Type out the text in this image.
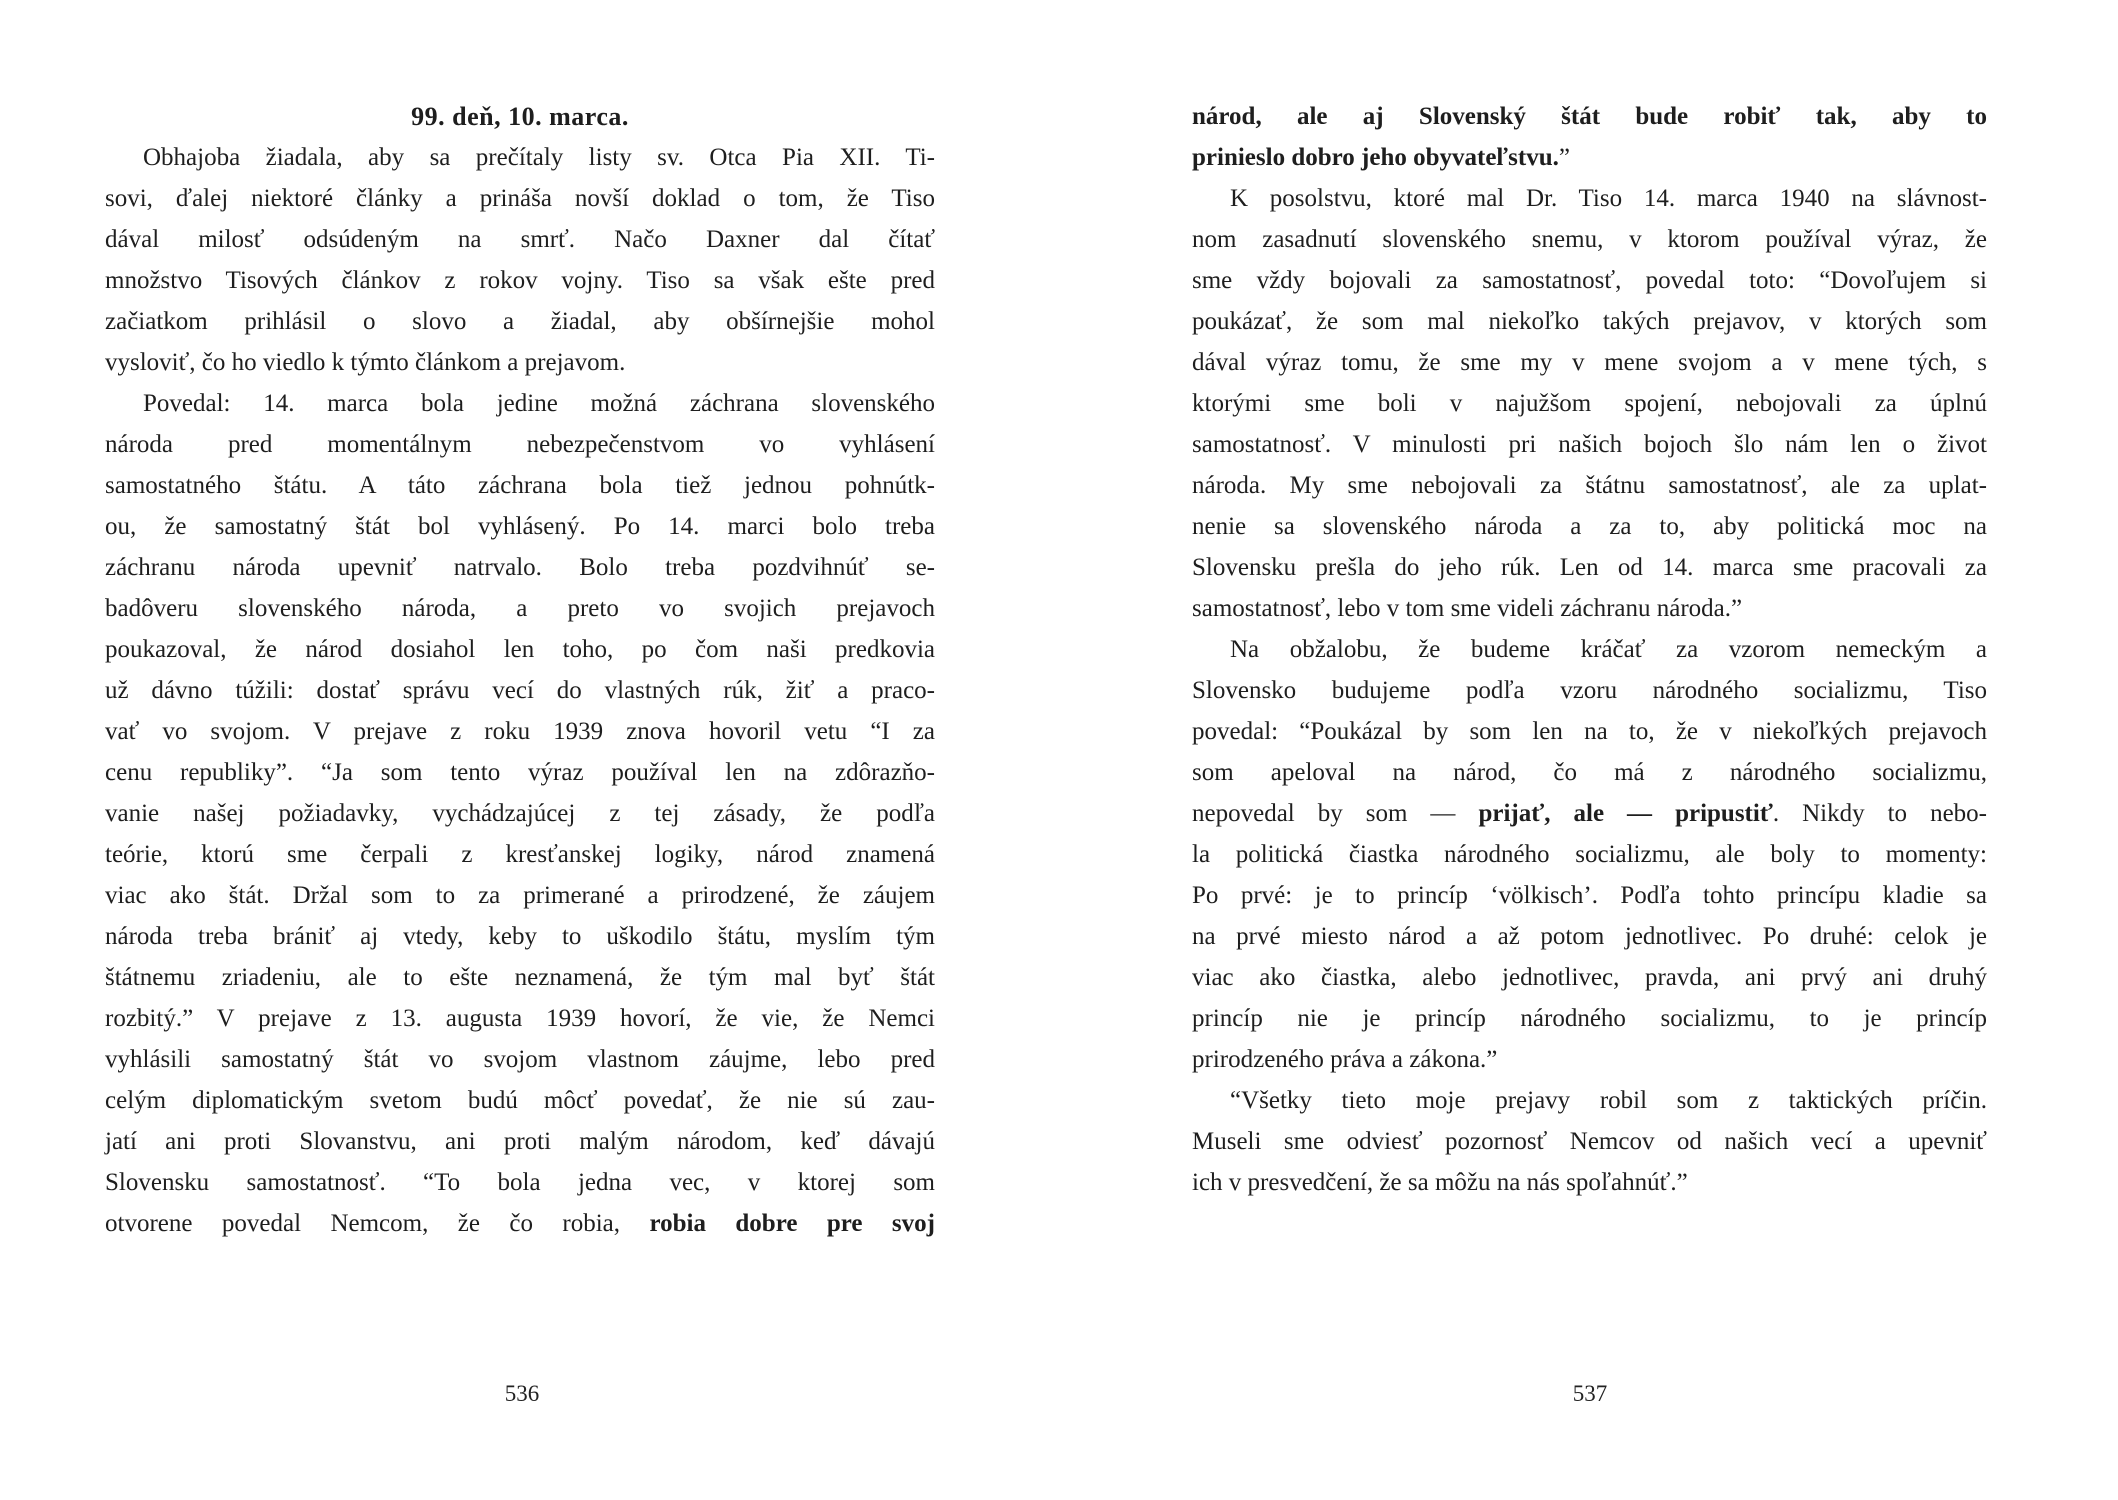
99. deň, 10. marca.
Obhajoba žiadala, aby sa prečítaly listy sv. Otca Pia XII. Ti-
sovi, ďalej niektoré články a prináša novší doklad o tom, že Tiso
dával milosť odsúdeným na smrť. Načo Daxner dal čítať
množstvo Tisových článkov z rokov vojny. Tiso sa však ešte pred
začiatkom prihlásil o slovo a žiadal, aby obšírnejšie mohol
vysloviť, čo ho viedlo k týmto článkom a prejavom.
Povedal: 14. marca bola jedine možná záchrana slovenského
národa pred momentálnym nebezpečenstvom vo vyhlásení
samostatného štátu. A táto záchrana bola tiež jednou pohnútk-
ou, že samostatný štát bol vyhlásený. Po 14. marci bolo treba
záchranu národa upevniť natrvalo. Bolo treba pozdvihnúť se-
badôveru slovenského národa, a preto vo svojich prejavoch
poukazoval, že národ dosiahol len toho, po čom naši predkovia
už dávno túžili: dostať správu vecí do vlastných rúk, žiť a praco-
vať vo svojom. V prejave z roku 1939 znova hovoril vetu “I za
cenu republiky”. “Ja som tento výraz používal len na zdôrazňo-
vanie našej požiadavky, vychádzajúcej z tej zásady, že podľa
teórie, ktorú sme čerpali z kresťanskej logiky, národ znamená
viac ako štát. Držal som to za primerané a prirodzené, že záujem
národa treba brániť aj vtedy, keby to uškodilo štátu, myslím tým
štátnemu zriadeniu, ale to ešte neznamená, že tým mal byť štát
rozbitý.” V prejave z 13. augusta 1939 hovorí, že vie, že Nemci
vyhlásili samostatný štát vo svojom vlastnom záujme, lebo pred
celým diplomatickým svetom budú môcť povedať, že nie sú zau-
jatí ani proti Slovanstvu, ani proti malým národom, keď dávajú
Slovensku samostatnosť. “To bola jedna vec, v ktorej som
otvorene povedal Nemcom, že čo robia, robia dobre pre svoj
národ, ale aj Slovenský štát bude robiť tak, aby to
prinieslo dobro jeho obyvateľstvu.”
K posolstvu, ktoré mal Dr. Tiso 14. marca 1940 na slávnost-
nom zasadnutí slovenského snemu, v ktorom používal výraz, že
sme vždy bojovali za samostatnosť, povedal toto: “Dovoľujem si
poukázať, že som mal niekoľko takých prejavov, v ktorých som
dával výraz tomu, že sme my v mene svojom a v mene tých, s
ktorými sme boli v najužšom spojení, nebojovali za úplnú
samostatnosť. V minulosti pri našich bojoch šlo nám len o život
národa. My sme nebojovali za štátnu samostatnosť, ale za uplat-
nenie sa slovenského národa a za to, aby politická moc na
Slovensku prešla do jeho rúk. Len od 14. marca sme pracovali za
samostatnosť, lebo v tom sme videli záchranu národa.”
Na obžalobu, že budeme kráčať za vzorom nemeckým a
Slovensko budujeme podľa vzoru národného socializmu, Tiso
povedal: “Poukázal by som len na to, že v niekoľkých prejavoch
som apeloval na národ, čo má z národného socializmu,
nepovedal by som — prijať, ale — pripustiť. Nikdy to nebo-
la politická čiastka národného socializmu, ale boly to momenty:
Po prvé: je to princíp ‘völkisch’. Podľa tohto princípu kladie sa
na prvé miesto národ a až potom jednotlivec. Po druhé: celok je
viac ako čiastka, alebo jednotlivec, pravda, ani prvý ani druhý
princíp nie je princíp národného socializmu, to je princíp
prirodzeného práva a zákona.”
“Všetky tieto moje prejavy robil som z taktických príčin.
Museli sme odviesť pozornosť Nemcov od našich vecí a upevniť
ich v presvedčení, že sa môžu na nás spoľahnúť.”
536	537
